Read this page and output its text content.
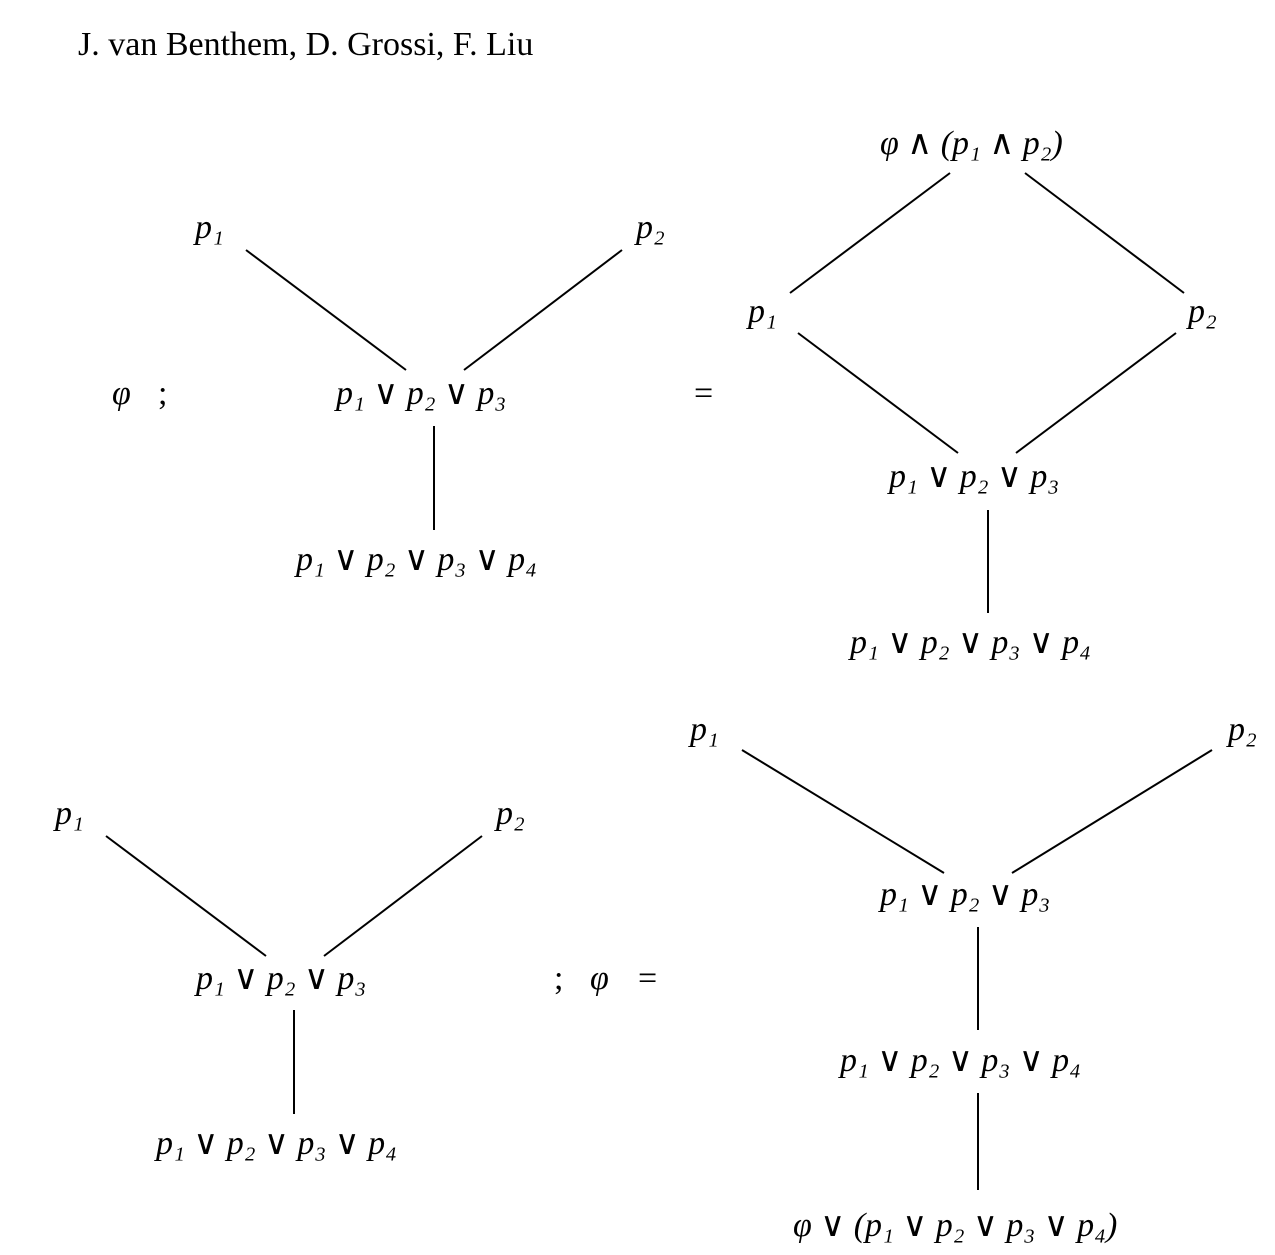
J. van Benthem, D. Grossi, F. Liu
φ ;
p₁	p₂
p₁ ∨ p₂ ∨ p₃
p₁ ∨ p₂ ∨ p₃ ∨ p₄
=
φ ∧ (p₁ ∧ p₂)
p₁	p₂
p₁ ∨ p₂ ∨ p₃
p₁ ∨ p₂ ∨ p₃ ∨ p₄
p₁	p₂
p₁ ∨ p₂ ∨ p₃
p₁ ∨ p₂ ∨ p₃ ∨ p₄
; φ =
p₁	p₂
p₁ ∨ p₂ ∨ p₃
p₁ ∨ p₂ ∨ p₃ ∨ p₄
φ ∨ (p₁ ∨ p₂ ∨ p₃ ∨ p₄)
